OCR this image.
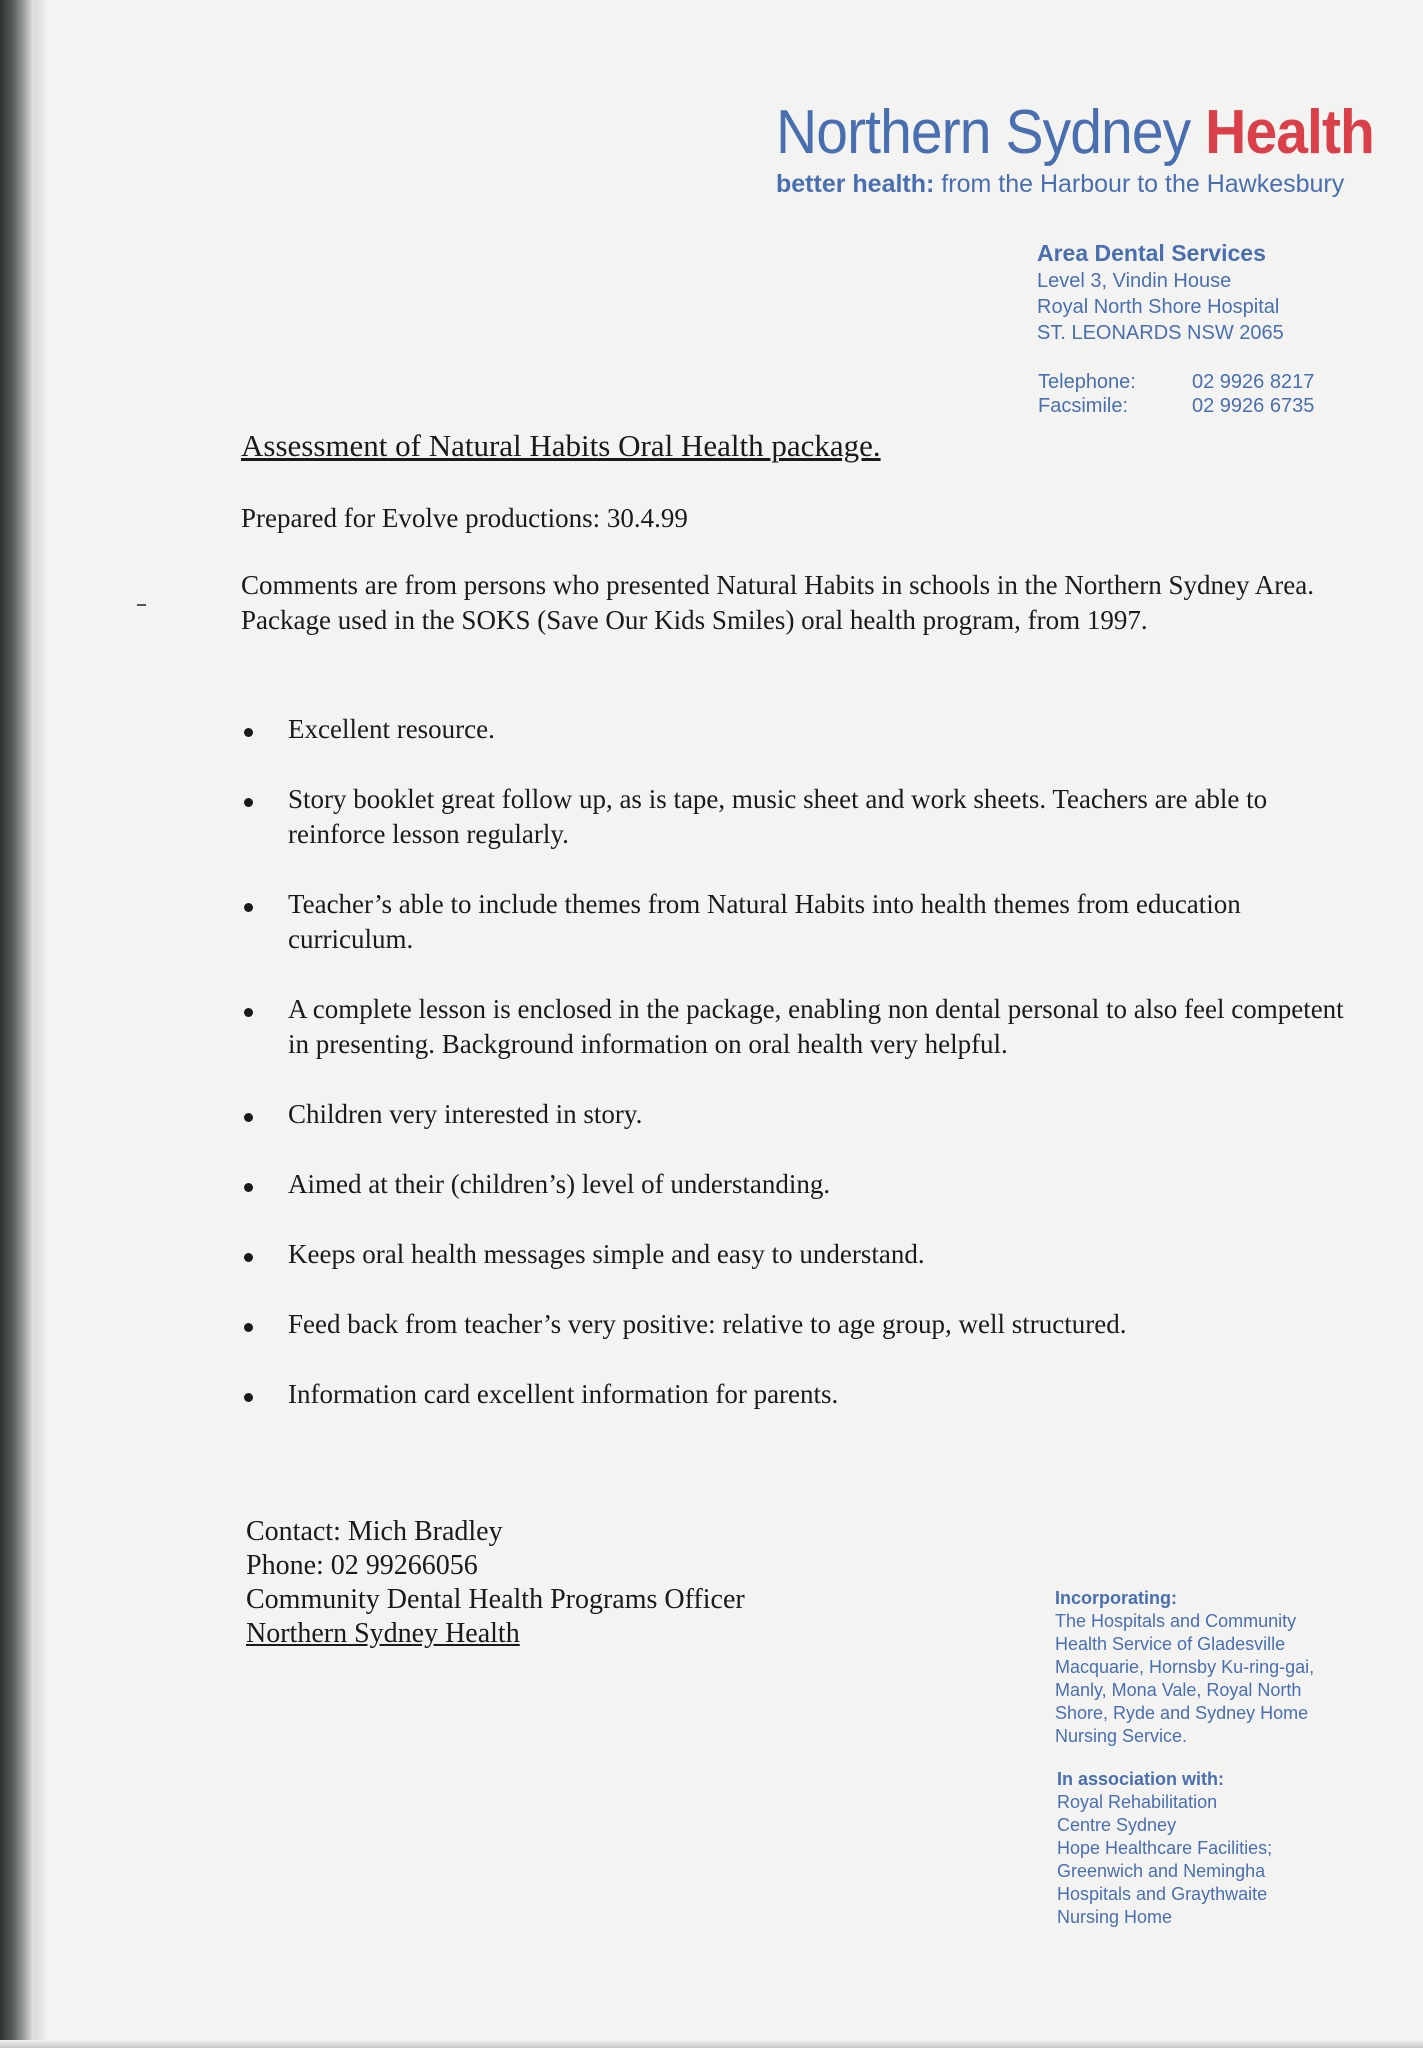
Northern Sydney Health
better health: from the Harbour to the Hawkesbury
Area Dental Services
Level 3, Vindin House
Royal North Shore Hospital
ST. LEONARDS NSW 2065
Telephone:	02 9926 8217
Facsimile:	02 9926 6735
Assessment of Natural Habits Oral Health package.
Prepared for Evolve productions: 30.4.99
Comments are from persons who presented Natural Habits in schools in the Northern Sydney Area. Package used in the SOKS (Save Our Kids Smiles) oral health program, from 1997.
Excellent resource.
Story booklet great follow up, as is tape, music sheet and work sheets. Teachers are able to reinforce lesson regularly.
Teacher’s able to include themes from Natural Habits into health themes from education curriculum.
A complete lesson is enclosed in the package, enabling non dental personal to also feel competent in presenting. Background information on oral health very helpful.
Children very interested in story.
Aimed at their (children’s) level of understanding.
Keeps oral health messages simple and easy to understand.
Feed back from teacher’s very positive: relative to age group, well structured.
Information card excellent information for parents.
Contact: Mich Bradley
Phone: 02 99266056
Community Dental Health Programs Officer
Northern Sydney Health
Incorporating:
The Hospitals and Community
Health Service of Gladesville
Macquarie, Hornsby Ku-ring-gai,
Manly, Mona Vale, Royal North
Shore, Ryde and Sydney Home
Nursing Service.
In association with:
Royal Rehabilitation
Centre Sydney
Hope Healthcare Facilities;
Greenwich and Nemingha
Hospitals and Graythwaite
Nursing Home
